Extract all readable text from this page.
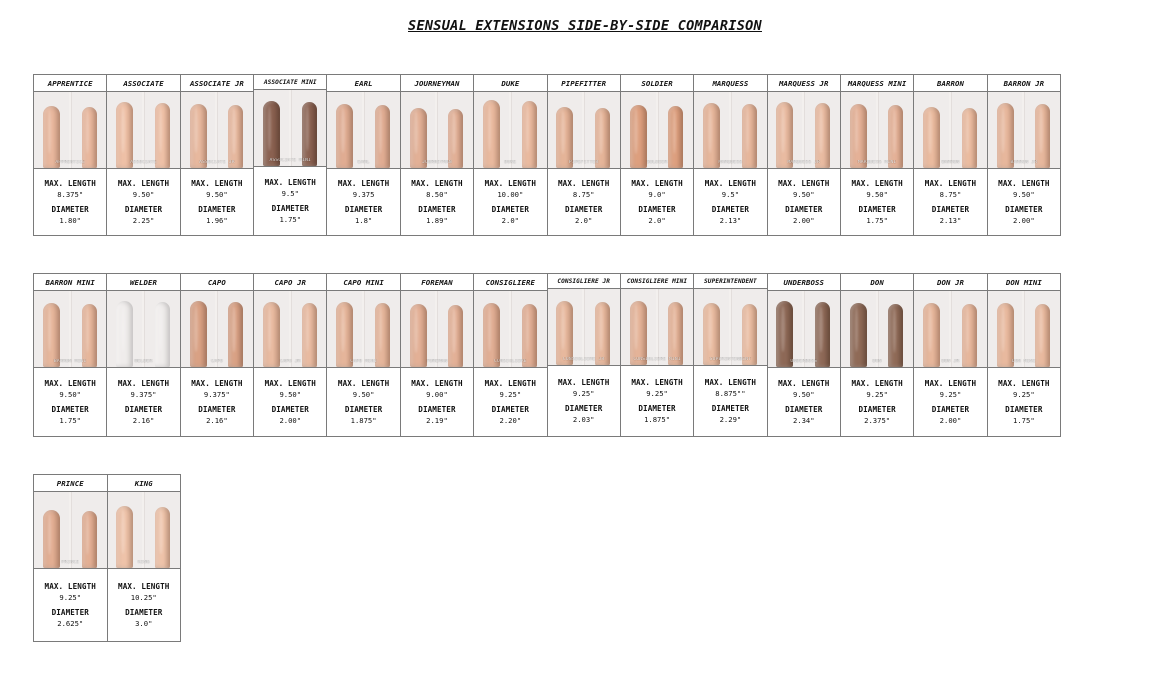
SENSUAL EXTENSIONS SIDE-BY-SIDE COMPARISON
APPRENTICE
APPRENTICE
MAX. LENGTH
8.375"
DIAMETER
1.80"
ASSOCIATE
ASSOCIATE
MAX. LENGTH
9.50"
DIAMETER
2.25"
ASSOCIATE JR
ASSOCIATE JR
MAX. LENGTH
9.50"
DIAMETER
1.96"
ASSOCIATE MINI
ASSOCIATE MINI
MAX. LENGTH
9.5"
DIAMETER
1.75"
EARL
EARL
MAX. LENGTH
9.375
DIAMETER
1.8"
JOURNEYMAN
JOURNEYMAN
MAX. LENGTH
8.50"
DIAMETER
1.89"
DUKE
DUKE
MAX. LENGTH
10.00"
DIAMETER
2.0"
PIPEFITTER
PIPEFITTER
MAX. LENGTH
8.75"
DIAMETER
2.0"
SOLDIER
SOLDIER
MAX. LENGTH
9.0"
DIAMETER
2.0"
MARQUESS
MARQUESS
MAX. LENGTH
9.5"
DIAMETER
2.13"
MARQUESS JR
MARQUESS JR
MAX. LENGTH
9.50"
DIAMETER
2.00"
MARQUESS MINI
MARQUESS MINI
MAX. LENGTH
9.50"
DIAMETER
1.75"
BARRON
BARRON
MAX. LENGTH
8.75"
DIAMETER
2.13"
BARRON JR
BARRON JR
MAX. LENGTH
9.50"
DIAMETER
2.00"
BARRON MINI
BARRON MINI
MAX. LENGTH
9.50"
DIAMETER
1.75"
WELDER
WELDER
MAX. LENGTH
9.375"
DIAMETER
2.16"
CAPO
CAPO
MAX. LENGTH
9.375"
DIAMETER
2.16"
CAPO JR
CAPO JR
MAX. LENGTH
9.50"
DIAMETER
2.00"
CAPO MINI
CAPO MINI
MAX. LENGTH
9.50"
DIAMETER
1.875"
FOREMAN
FOREMAN
MAX. LENGTH
9.00"
DIAMETER
2.19"
CONSIGLIERE
CONSIGLIERE
MAX. LENGTH
9.25"
DIAMETER
2.20"
CONSIGLIERE JR
CONSIGLIERE JR
MAX. LENGTH
9.25"
DIAMETER
2.03"
CONSIGLIERE MINI
CONSIGLIERE MINI
MAX. LENGTH
9.25"
DIAMETER
1.875"
SUPERINTENDENT
SUPERINTENDENT
MAX. LENGTH
8.875""
DIAMETER
2.29"
UNDERBOSS
UNDERBOSS
MAX. LENGTH
9.50"
DIAMETER
2.34"
DON
DON
MAX. LENGTH
9.25"
DIAMETER
2.375"
DON JR
DON JR
MAX. LENGTH
9.25"
DIAMETER
2.00"
DON MINI
DON MINI
MAX. LENGTH
9.25"
DIAMETER
1.75"
PRINCE
PRINCE
MAX. LENGTH
9.25"
DIAMETER
2.625"
KING
KING
MAX. LENGTH
10.25"
DIAMETER
3.0"
